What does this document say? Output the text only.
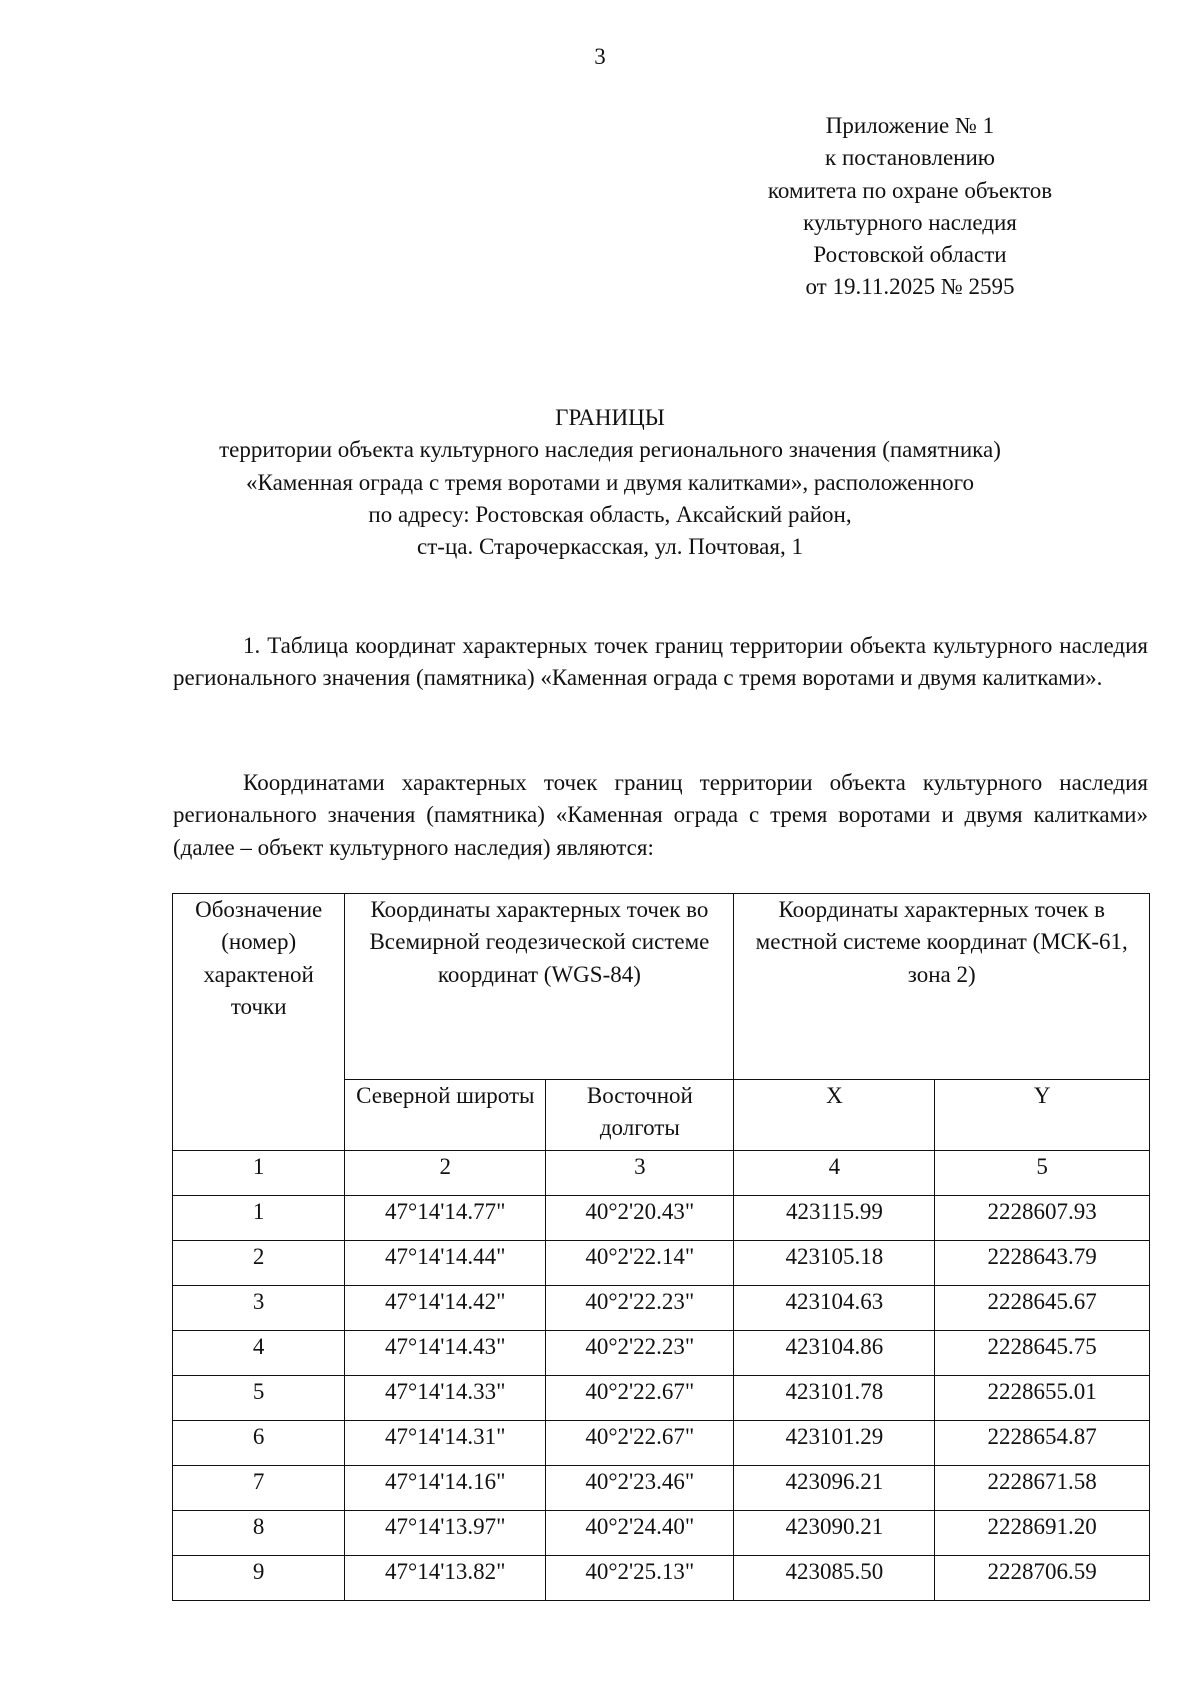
3
Приложение № 1
к постановлению
комитета по охране объектов
культурного наследия
Ростовской области
от 19.11.2025 № 2595
ГРАНИЦЫ
территории объекта культурного наследия регионального значения (памятника)
«Каменная ограда с тремя воротами и двумя калитками», расположенного
по адресу: Ростовская область, Аксайский район,
ст-ца. Старочеркасская, ул. Почтовая, 1

1. Таблица координат характерных точек границ территории объекта культурного наследия регионального значения (памятника) «Каменная ограда с тремя воротами и двумя калитками».

Координатами характерных точек границ территории объекта культурного наследия регионального значения (памятника) «Каменная ограда с тремя воротами и двумя калитками» (далее – объект культурного наследия) являются:

Обозначение (номер) характеной точки	Координаты характерных точек во Всемирной геодезической системе координат (WGS-84)		Координаты характерных точек в местной системе координат (МСК-61, зона 2)	
	Северной широты	Восточной долготы	X	Y
1	2	3	4	5
1	47°14'14.77"	40°2'20.43"	423115.99	2228607.93
2	47°14'14.44"	40°2'22.14"	423105.18	2228643.79
3	47°14'14.42"	40°2'22.23"	423104.63	2228645.67
4	47°14'14.43"	40°2'22.23"	423104.86	2228645.75
5	47°14'14.33"	40°2'22.67"	423101.78	2228655.01
6	47°14'14.31"	40°2'22.67"	423101.29	2228654.87
7	47°14'14.16"	40°2'23.46"	423096.21	2228671.58
8	47°14'13.97"	40°2'24.40"	423090.21	2228691.20
9	47°14'13.82"	40°2'25.13"	423085.50	2228706.59
